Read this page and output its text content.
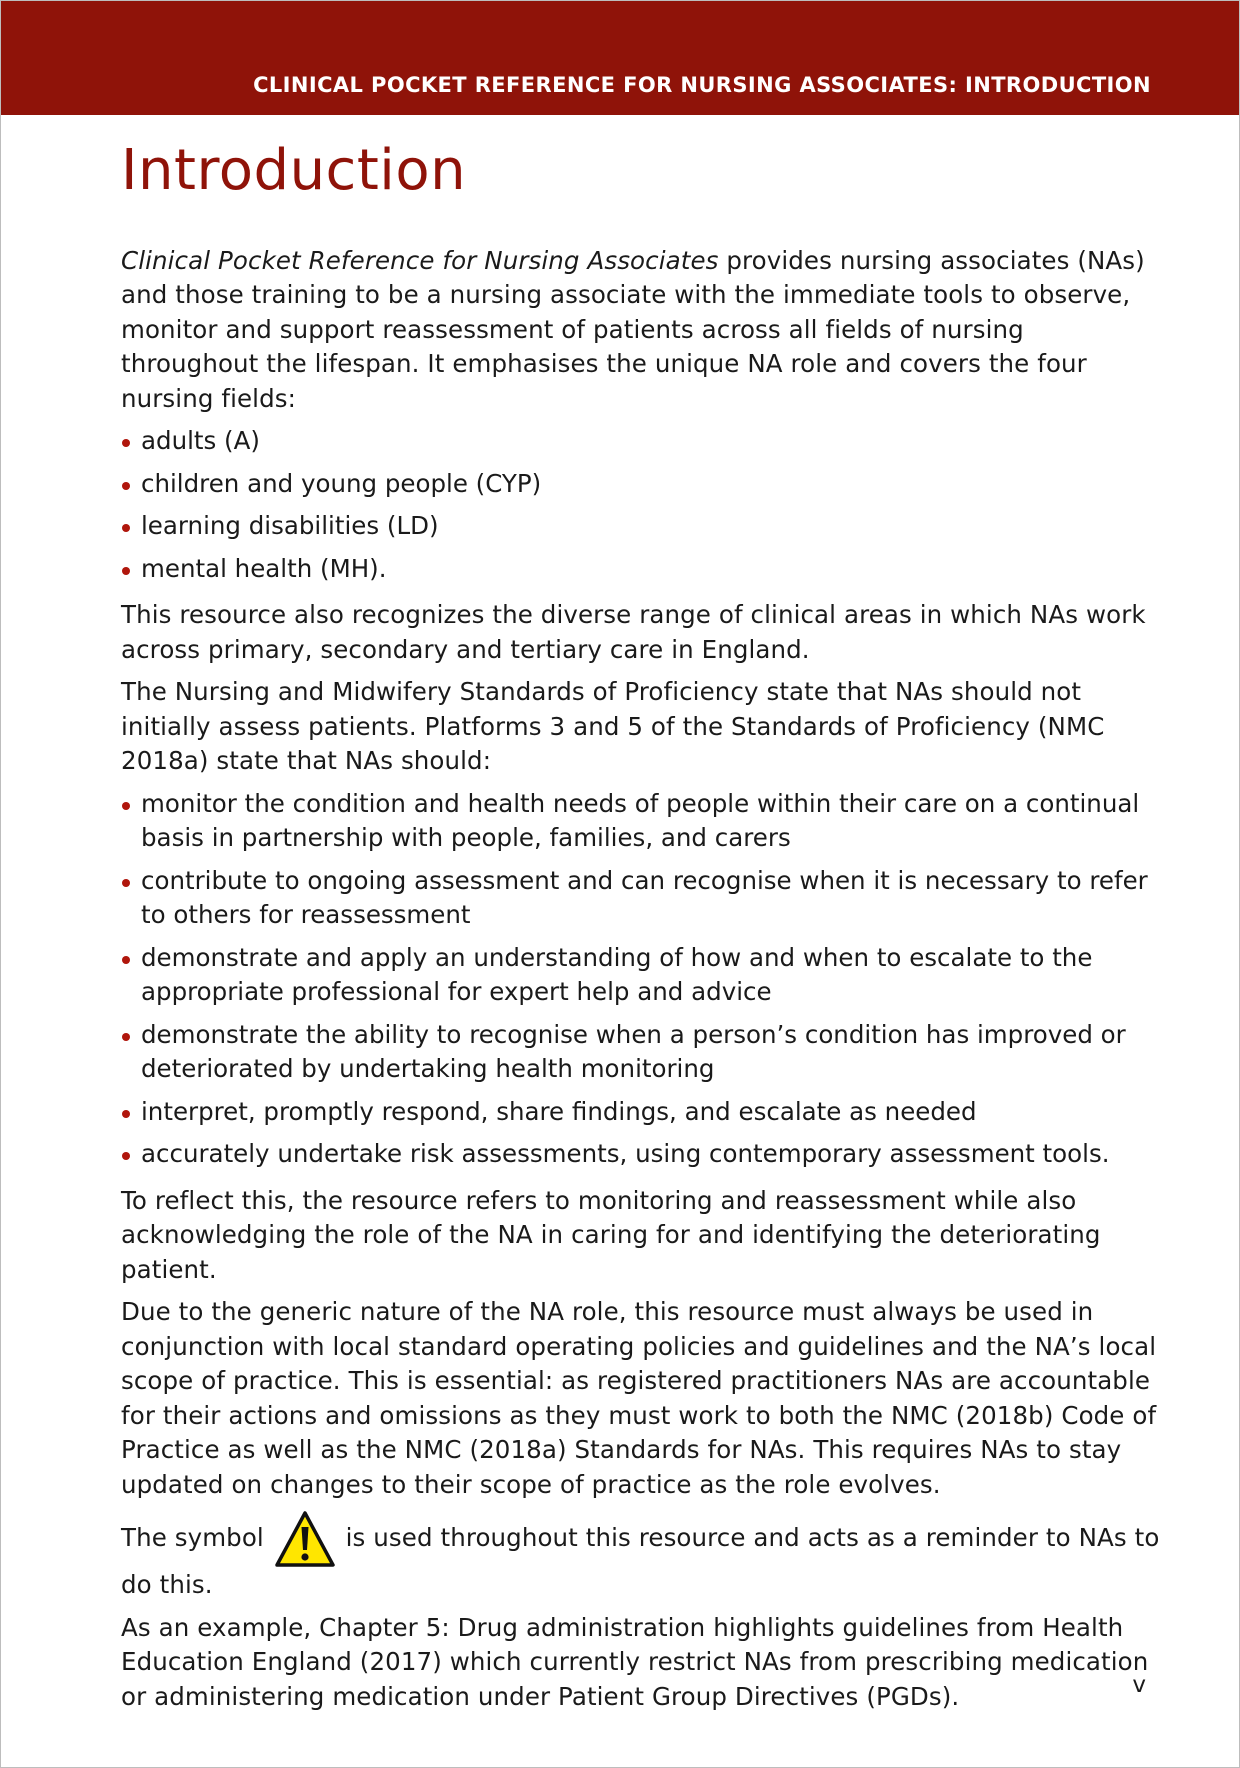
CLINICAL POCKET REFERENCE FOR NURSING ASSOCIATES: INTRODUCTION
Introduction

Clinical Pocket Reference for Nursing Associates provides nursing associates (NAs) and those training to be a nursing associate with the immediate tools to observe, monitor and support reassessment of patients across all fields of nursing throughout the lifespan. It emphasises the unique NA role and covers the four nursing fields:

adults (A)
children and young people (CYP)
learning disabilities (LD)
mental health (MH).

This resource also recognizes the diverse range of clinical areas in which NAs work across primary, secondary and tertiary care in England.

The Nursing and Midwifery Standards of Proficiency state that NAs should not initially assess patients. Platforms 3 and 5 of the Standards of Proficiency (NMC 2018a) state that NAs should:

monitor the condition and health needs of people within their care on a continual basis in partnership with people, families, and carers
contribute to ongoing assessment and can recognise when it is necessary to refer to others for reassessment
demonstrate and apply an understanding of how and when to escalate to the appropriate professional for expert help and advice
demonstrate the ability to recognise when a person’s condition has improved or deteriorated by undertaking health monitoring
interpret, promptly respond, share findings, and escalate as needed
accurately undertake risk assessments, using contemporary assessment tools.

To reflect this, the resource refers to monitoring and reassessment while also acknowledging the role of the NA in caring for and identifying the deteriorating patient.

Due to the generic nature of the NA role, this resource must always be used in conjunction with local standard operating policies and guidelines and the NA’s local scope of practice. This is essential: as registered practitioners NAs are accountable for their actions and omissions as they must work to both the NMC (2018b) Code of Practice as well as the NMC (2018a) Standards for NAs. This requires NAs to stay updated on changes to their scope of practice as the role evolves.

The symbol	is used throughout this resource and acts as a reminder to NAs to do this.

As an example, Chapter 5: Drug administration highlights guidelines from Health Education England (2017) which currently restrict NAs from prescribing medication or administering medication under Patient Group Directives (PGDs).	v
